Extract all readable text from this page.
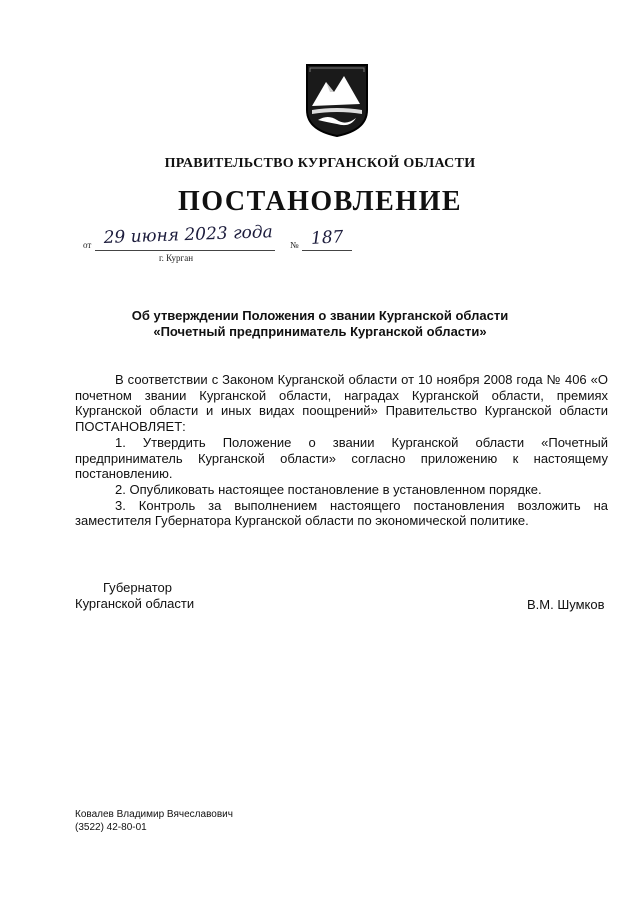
ПРАВИТЕЛЬСТВО КУРГАНСКОЙ ОБЛАСТИ
ПОСТАНОВЛЕНИЕ
от 29 июня 2023 года № 187
г. Курган
Об утверждении Положения о звании Курганской области
«Почетный предприниматель Курганской области»

В соответствии с Законом Курганской области от 10 ноября 2008 года № 406 «О почетном звании Курганской области, наградах Курганской области, премиях Курганской области и иных видах поощрений» Правительство Курганской области ПОСТАНОВЛЯЕТ:

1. Утвердить Положение о звании Курганской области «Почетный предприниматель Курганской области» согласно приложению к настоящему постановлению.

2. Опубликовать настоящее постановление в установленном порядке.

3. Контроль за выполнением настоящего постановления возложить на заместителя Губернатора Курганской области по экономической политике.

Губернатор
Курганской области	В.М. Шумков
Ковалев Владимир Вячеславович
(3522) 42-80-01
